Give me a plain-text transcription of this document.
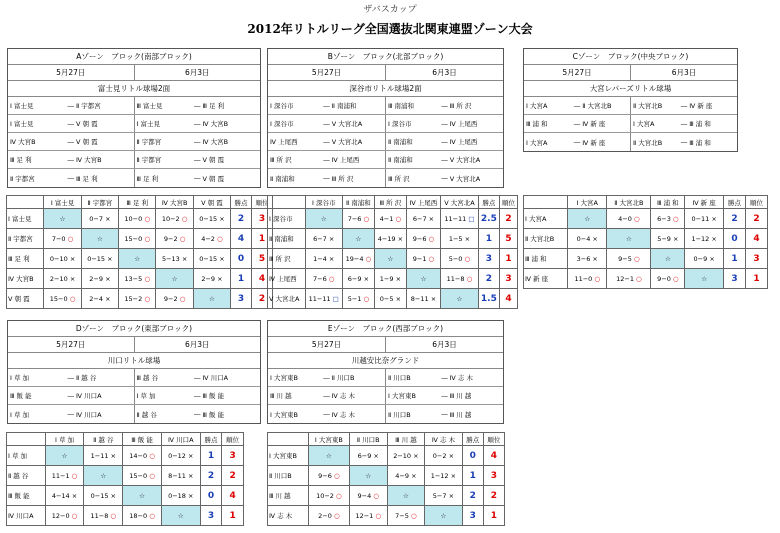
ザバスカップ
2012年リトルリーグ全国選抜北関東連盟ゾーン大会
Aゾーン　ブロック(南部ブロック)
5月27日	6月3日
富士見リトル球場2面
Ⅰ 富士見	― Ⅱ 宇都宮	Ⅲ 富士見	― Ⅲ 足 利
Ⅰ 富士見	― Ⅴ 朝 霞	Ⅰ 富士見	― Ⅳ 大宮B
Ⅳ 大宮B	― Ⅴ 朝 霞	Ⅱ 宇都宮	― Ⅳ 大宮B
Ⅲ 足 利	― Ⅳ 大宮B	Ⅱ 宇都宮	― Ⅴ 朝 霞
Ⅱ 宇都宮	― Ⅲ 足 利	Ⅲ 足 利	― Ⅴ 朝 霞
	Ⅰ 富士見	Ⅱ 宇都宮	Ⅲ 足 利	Ⅳ 大宮B	Ⅴ 朝 霞	勝点	順位
Ⅰ 富士見	☆	0−7 ×	10−0 ○	10−2 ○	0−15 ×	2	3
Ⅱ 宇都宮	7−0 ○	☆	15−0 ○	9−2 ○	4−2 ○	4	1
Ⅲ 足 利	0−10 ×	0−15 ×	☆	5−13 ×	0−15 ×	0	5
Ⅳ 大宮B	2−10 ×	2−9 ×	13−5 ○	☆	2−9 ×	1	4
Ⅴ 朝 霞	15−0 ○	2−4 ×	15−2 ○	9−2 ○	☆	3	2
Bゾーン　ブロック(北部ブロック)
5月27日	6月3日
深谷市リトル球場2面
Ⅰ 深谷市	― Ⅱ 南浦和	Ⅲ 南浦和	― Ⅲ 所 沢
Ⅰ 深谷市	― Ⅴ 大宮北A	Ⅰ 深谷市	― Ⅳ 上尾西
Ⅳ 上尾西	― Ⅴ 大宮北A	Ⅱ 南浦和	― Ⅳ 上尾西
Ⅲ 所 沢	― Ⅳ 上尾西	Ⅱ 南浦和	― Ⅴ 大宮北A
Ⅱ 南浦和	― Ⅲ 所 沢	Ⅲ 所 沢	― Ⅴ 大宮北A
	Ⅰ 深谷市	Ⅱ 南浦和	Ⅲ 所 沢	Ⅳ 上尾西	Ⅴ 大宮北A	勝点	順位
Ⅰ 深谷市	☆	7−6 ○	4−1 ○	6−7 ×	11−11 □	2.5	2
Ⅱ 南浦和	6−7 ×	☆	4−19 ×	9−6 ○	1−5 ×	1	5
Ⅲ 所 沢	1−4 ×	19−4 ○	☆	9−1 ○	5−0 ○	3	1
Ⅳ 上尾西	7−6 ○	6−9 ×	1−9 ×	☆	11−8 ○	2	3
Ⅴ 大宮北A	11−11 □	5−1 ○	0−5 ×	8−11 ×	☆	1.5	4
Cゾーン　ブロック(中央ブロック)
5月27日	6月3日
大宮レパーズリトル球場
Ⅰ 大宮A	― Ⅱ 大宮北B	Ⅱ 大宮北B	― Ⅳ 新 座
Ⅲ 浦 和	― Ⅳ 新 座	Ⅰ 大宮A	― Ⅲ 浦 和
Ⅰ 大宮A	― Ⅳ 新 座	Ⅱ 大宮北B	― Ⅲ 浦 和
	Ⅰ 大宮A	Ⅱ 大宮北B	Ⅲ 浦 和	Ⅳ 新 座	勝点	順位
Ⅰ 大宮A	☆	4−0 ○	6−3 ○	0−11 ×	2	2
Ⅱ 大宮北B	0−4 ×	☆	5−9 ×	1−12 ×	0	4
Ⅲ 浦 和	3−6 ×	9−5 ○	☆	0−9 ×	1	3
Ⅳ 新 座	11−0 ○	12−1 ○	9−0 ○	☆	3	1
Dゾーン　ブロック(東部ブロック)
5月27日	6月3日
川口リトル球場
Ⅰ 草 加	― Ⅱ 越 谷	Ⅲ 越 谷	― Ⅳ 川口A
Ⅲ 飯 能	― Ⅳ 川口A	Ⅰ 草 加	― Ⅲ 飯 能
Ⅰ 草 加	― Ⅳ 川口A	Ⅱ 越 谷	― Ⅲ 飯 能
	Ⅰ 草 加	Ⅱ 越 谷	Ⅲ 飯 能	Ⅳ 川口A	勝点	順位
Ⅰ 草 加	☆	1−11 ×	14−0 ○	0−12 ×	1	3
Ⅱ 越 谷	11−1 ○	☆	15−0 ○	8−11 ×	2	2
Ⅲ 飯 能	4−14 ×	0−15 ×	☆	0−18 ×	0	4
Ⅳ 川口A	12−0 ○	11−8 ○	18−0 ○	☆	3	1
Eゾーン　ブロック(西部ブロック)
5月27日	6月3日
川越安比奈グランド
Ⅰ 大宮東B	― Ⅱ 川口B	Ⅱ 川口B	― Ⅳ 志 木
Ⅲ 川 越	― Ⅳ 志 木	Ⅰ 大宮東B	― Ⅲ 川 越
Ⅰ 大宮東B	― Ⅳ 志 木	Ⅱ 川口B	― Ⅲ 川 越
	Ⅰ 大宮東B	Ⅱ 川口B	Ⅲ 川 越	Ⅳ 志 木	勝点	順位
Ⅰ 大宮東B	☆	6−9 ×	2−10 ×	0−2 ×	0	4
Ⅱ 川口B	9−6 ○	☆	4−9 ×	1−12 ×	1	3
Ⅲ 川 越	10−2 ○	9−4 ○	☆	5−7 ×	2	2
Ⅳ 志 木	2−0 ○	12−1 ○	7−5 ○	☆	3	1
